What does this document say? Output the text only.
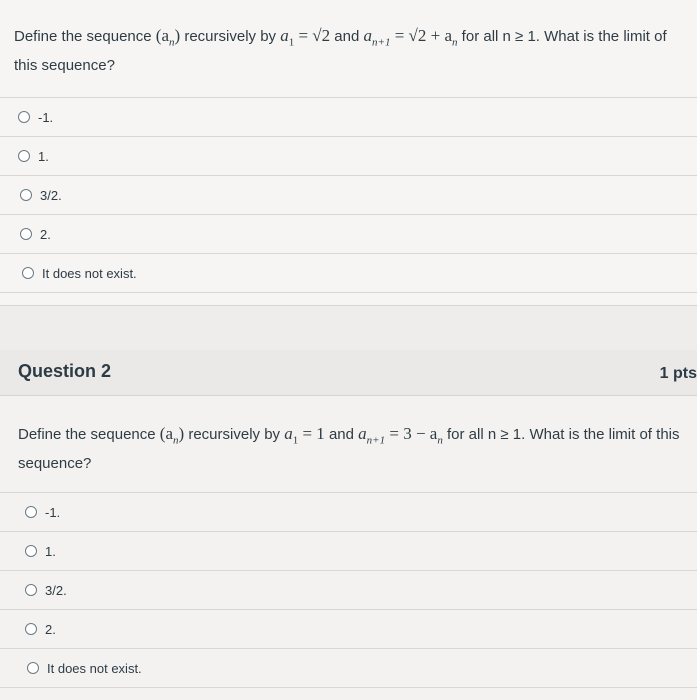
Define the sequence $(a_n)$ recursively by $a_1 = √2$ and $a_{n+1} = √2 + a_n$ for all n ≥ 1. What is the limit of this sequence?
-1.
1.
3/2.
2.
It does not exist.
Question 2	1 pts
Define the sequence $(a_n)$ recursively by $a_1 = 1$ and $a_{n+1} = 3 - a_n$ for all n ≥ 1. What is the limit of this sequence?
-1.
1.
3/2.
2.
It does not exist.
